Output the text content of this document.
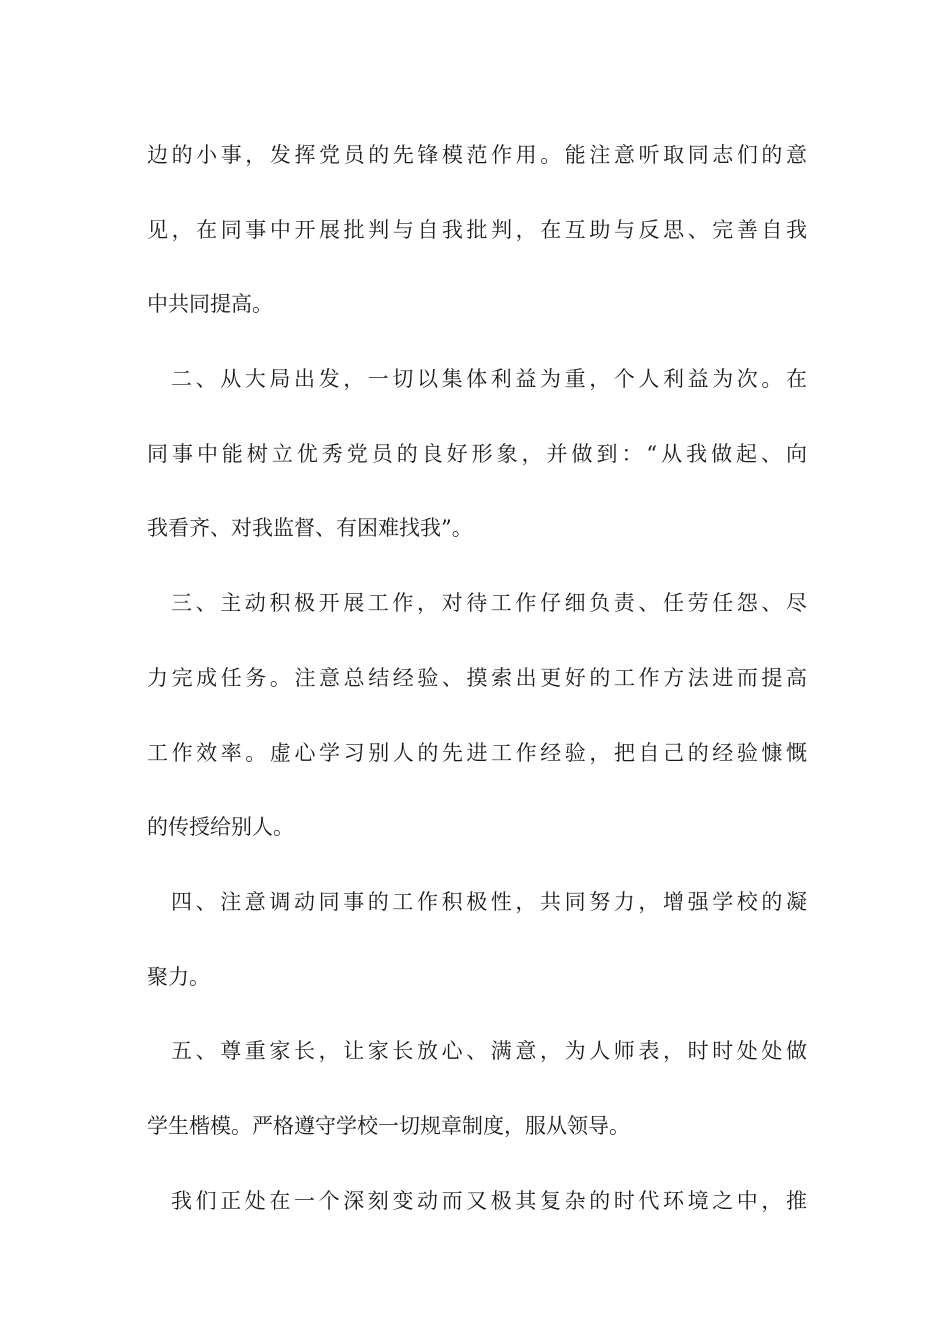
边的小事，发挥党员的先锋模范作用。能注意听取同志们的意
见，在同事中开展批判与自我批判，在互助与反思、完善自我
中共同提高。
二、从大局出发，一切以集体利益为重，个人利益为次。在
同事中能树立优秀党员的良好形象，并做到：“从我做起、向
我看齐、对我监督、有困难找我”。
三、主动积极开展工作，对待工作仔细负责、任劳任怨、尽
力完成任务。注意总结经验、摸索出更好的工作方法进而提高
工作效率。虚心学习别人的先进工作经验，把自己的经验慷慨
的传授给别人。
四、注意调动同事的工作积极性，共同努力，增强学校的凝
聚力。
五、尊重家长，让家长放心、满意，为人师表，时时处处做
学生楷模。严格遵守学校一切规章制度，服从领导。
我们正处在一个深刻变动而又极其复杂的时代环境之中，推
